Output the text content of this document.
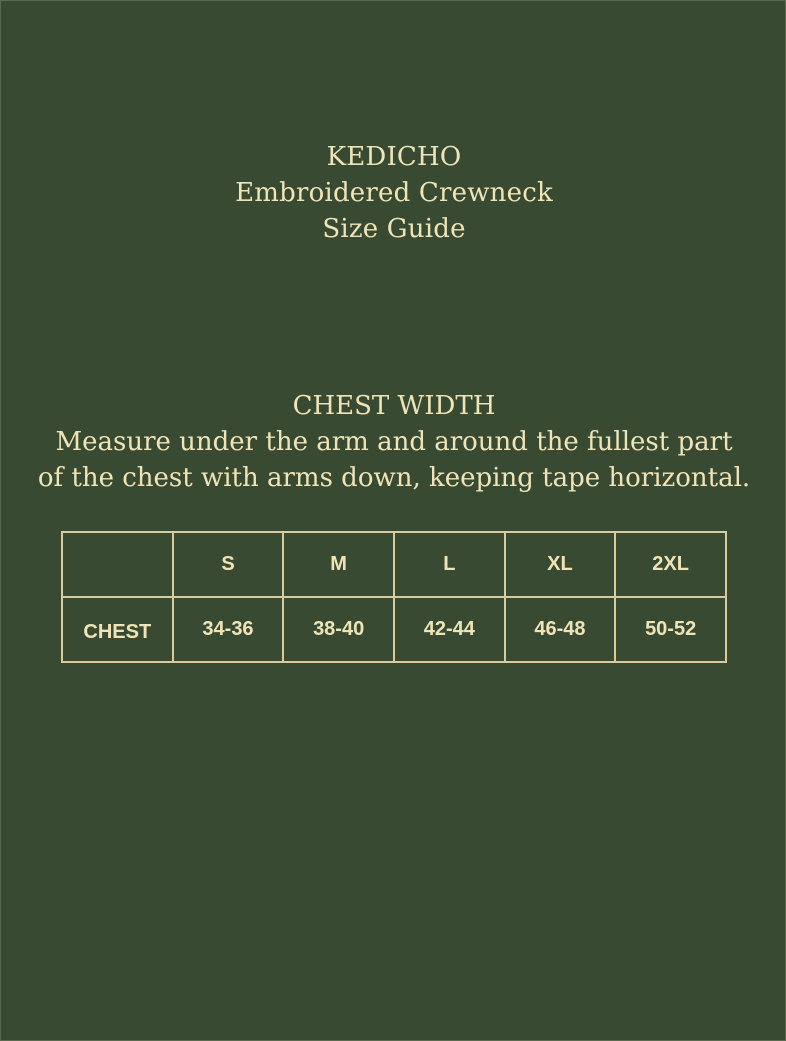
KEDICHO
Embroidered Crewneck
Size Guide
CHEST WIDTH
Measure under the arm and around the fullest part
of the chest with arms down, keeping tape horizontal.
	S	M	L	XL	2XL
CHEST	34-36	38-40	42-44	46-48	50-52
